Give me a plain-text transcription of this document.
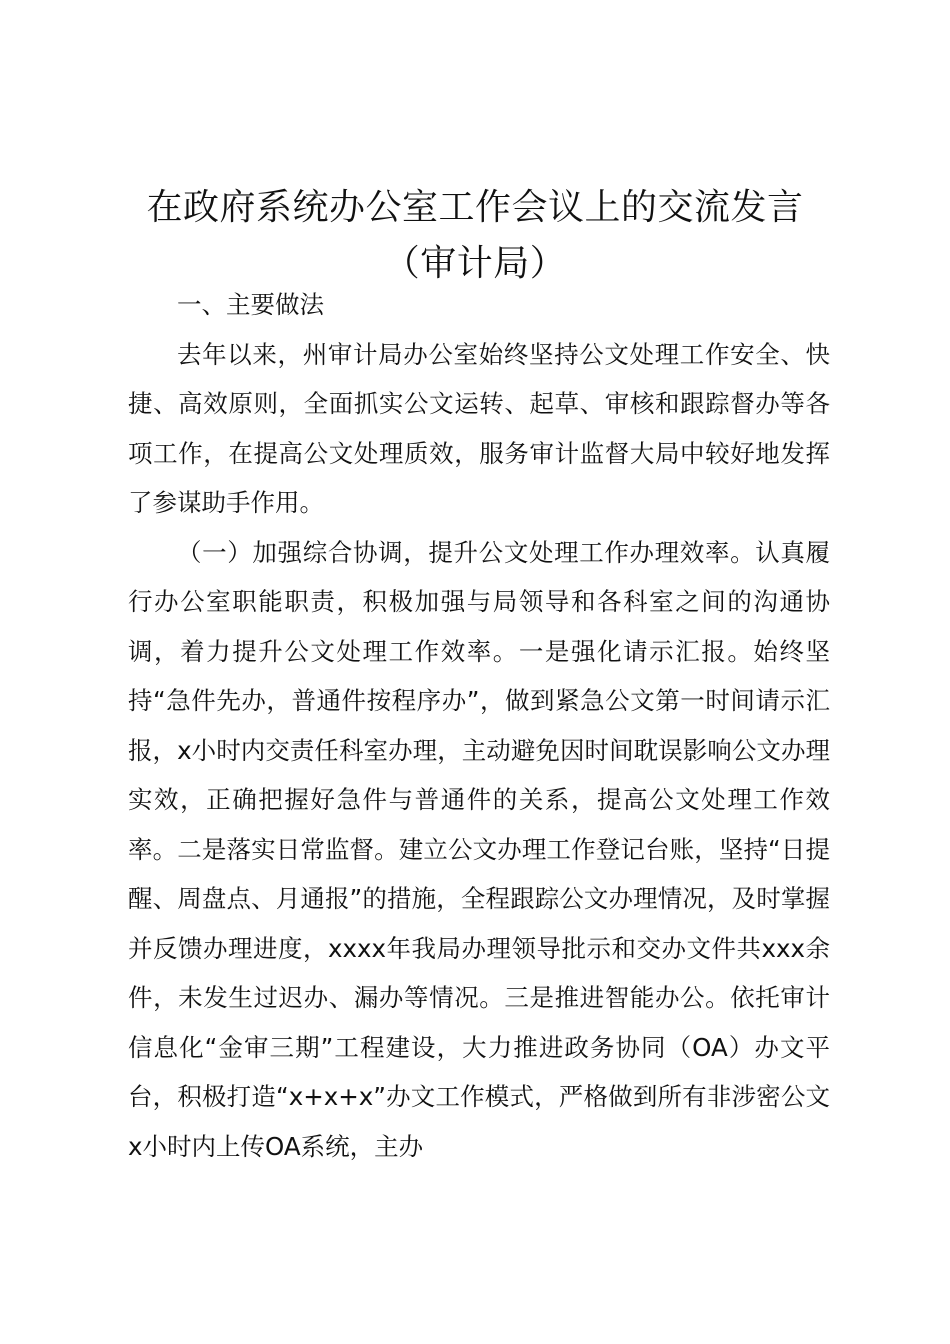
在政府系统办公室工作会议上的交流发言（审计局）

一、主要做法

去年以来，州审计局办公室始终坚持公文处理工作安全、快捷、高效原则，全面抓实公文运转、起草、审核和跟踪督办等各项工作，在提高公文处理质效，服务审计监督大局中较好地发挥了参谋助手作用。

（一）加强综合协调，提升公文处理工作办理效率。认真履行办公室职能职责，积极加强与局领导和各科室之间的沟通协调，着力提升公文处理工作效率。一是强化请示汇报。始终坚持“急件先办，普通件按程序办”，做到紧急公文第一时间请示汇报，x小时内交责任科室办理，主动避免因时间耽误影响公文办理实效，正确把握好急件与普通件的关系，提高公文处理工作效率。二是落实日常监督。建立公文办理工作登记台账，坚持“日提醒、周盘点、月通报”的措施，全程跟踪公文办理情况，及时掌握并反馈办理进度，xxxx年我局办理领导批示和交办文件共xxx余件，未发生过迟办、漏办等情况。三是推进智能办公。依托审计信息化“金审三期”工程建设，大力推进政务协同（OA）办文平台，积极打造“x+x+x”办文工作模式，严格做到所有非涉密公文x小时内上传OA系统，主办
